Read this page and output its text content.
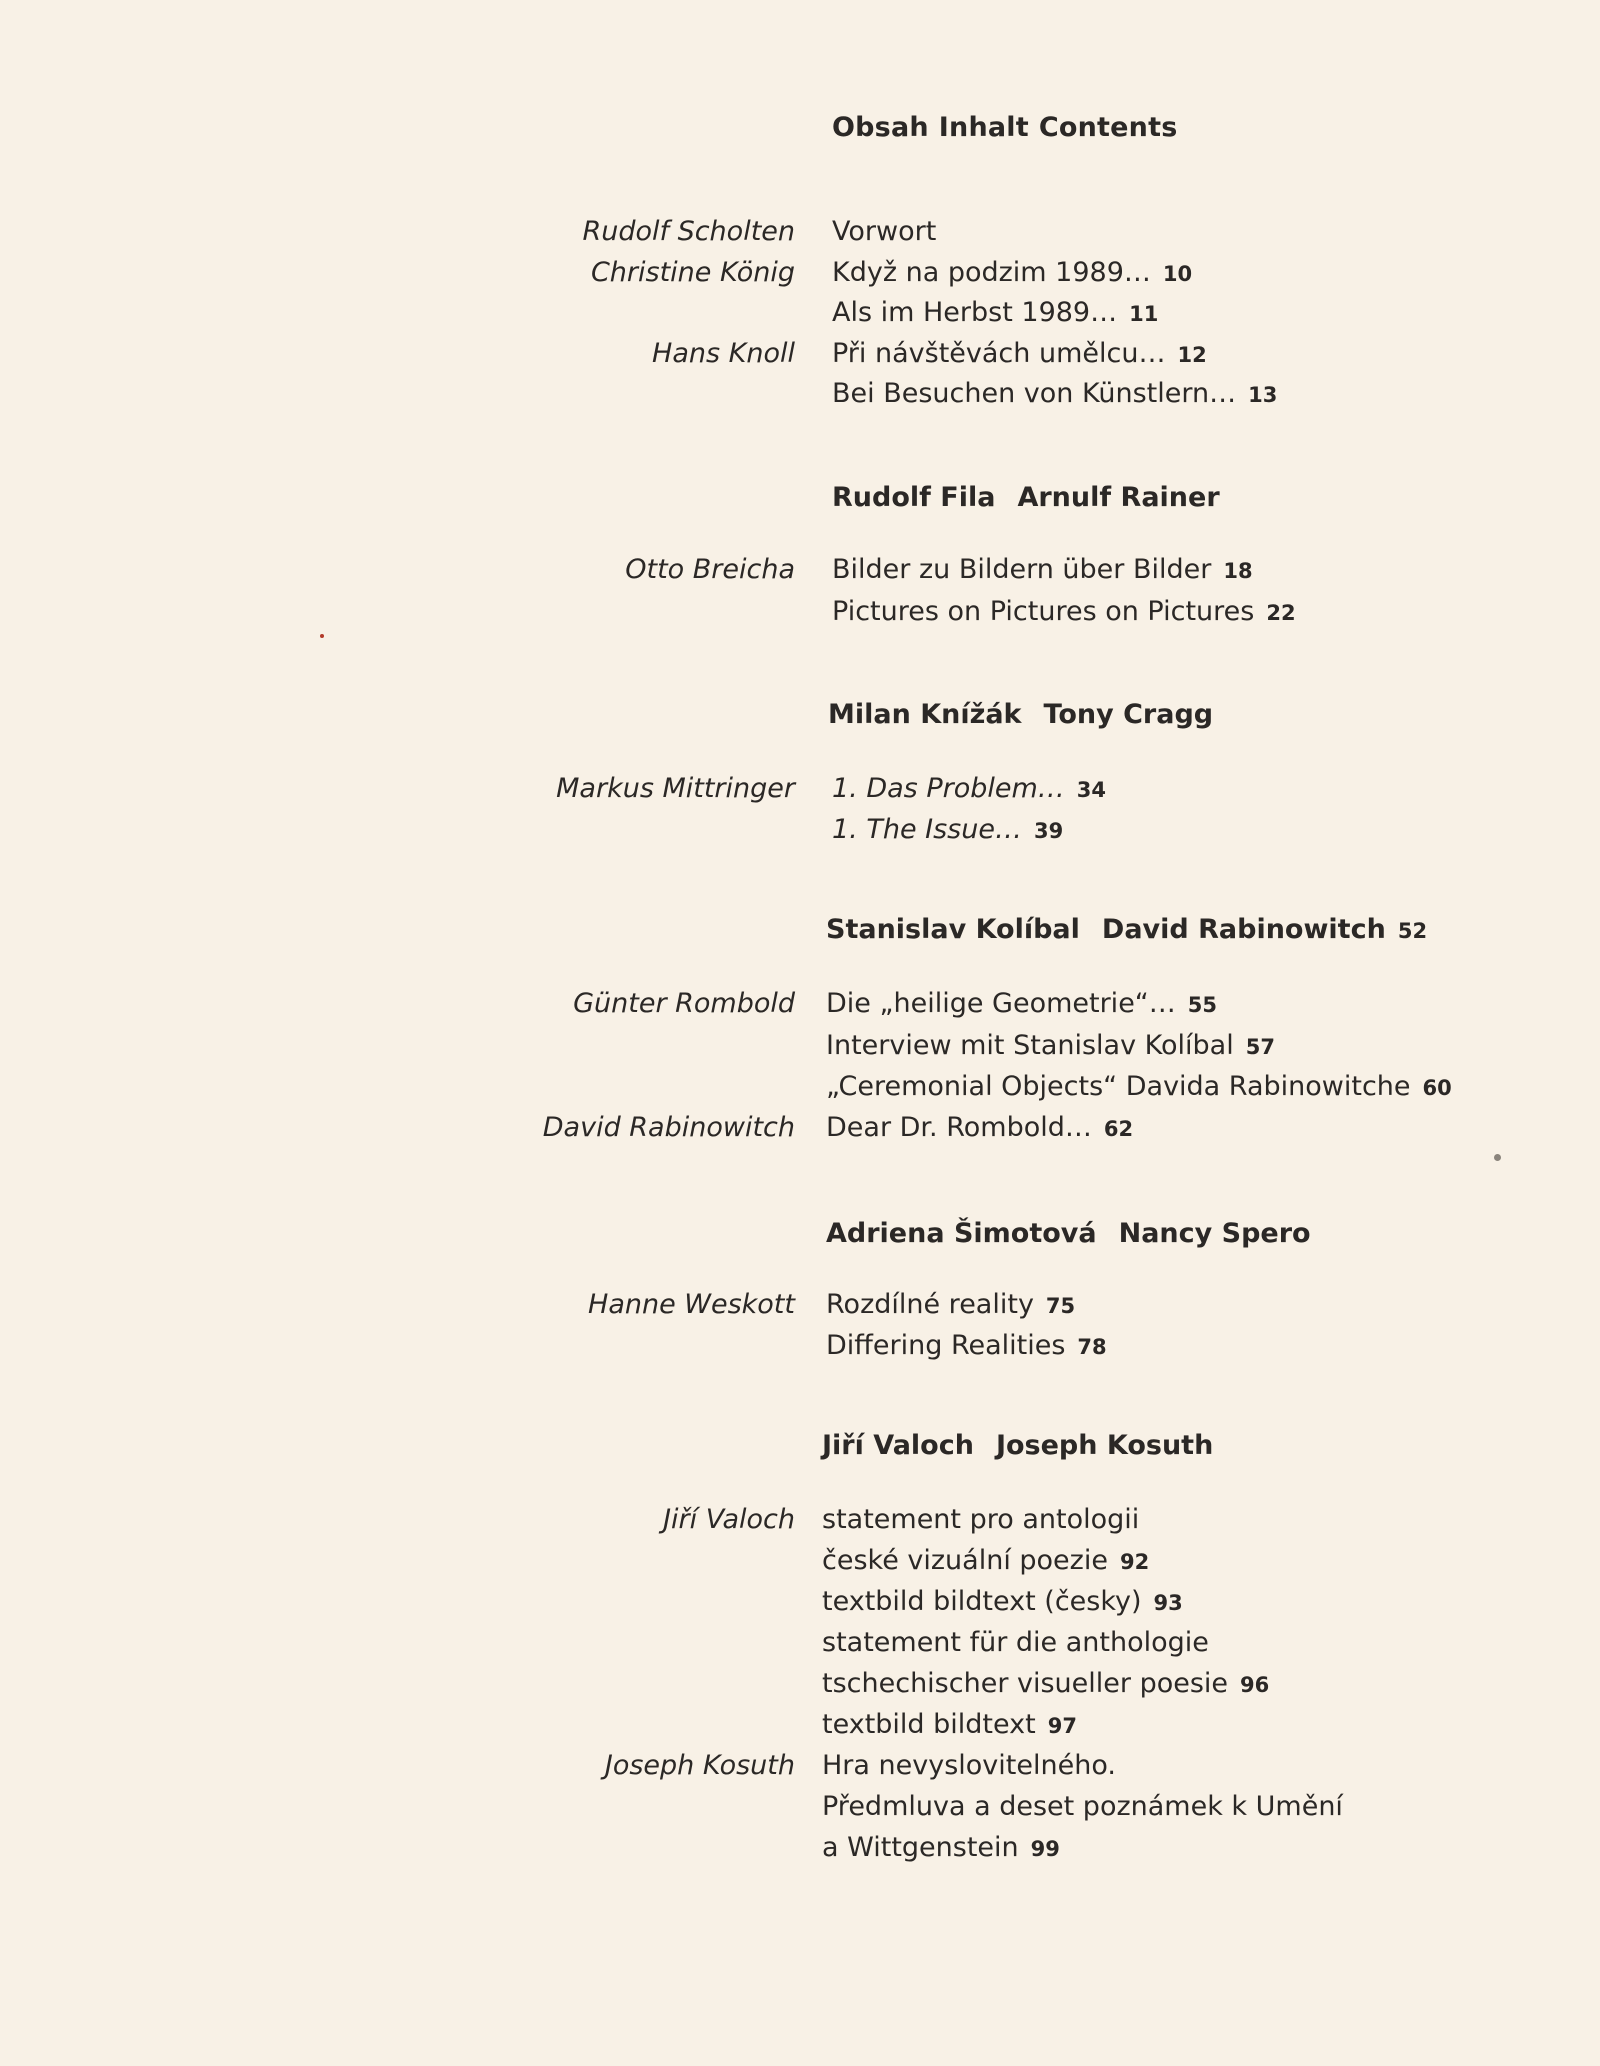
Obsah Inhalt Contents
Rudolf Scholten Vorwort
Christine König Když na podzim 1989… 10
Als im Herbst 1989… 11
Hans Knoll Při návštěvách umělcu… 12
Bei Besuchen von Künstlern… 13
Rudolf Fila Arnulf Rainer
Otto Breicha Bilder zu Bildern über Bilder 18
Pictures on Pictures on Pictures 22
Milan Knížák Tony Cragg
Markus Mittringer 1. Das Problem… 34
1. The Issue… 39
Stanislav Kolíbal David Rabinowitch 52
Günter Rombold Die „heilige Geometrie“… 55
Interview mit Stanislav Kolíbal 57
„Ceremonial Objects“ Davida Rabinowitche 60
David Rabinowitch Dear Dr. Rombold… 62
Adriena Šimotová Nancy Spero
Hanne Weskott Rozdílné reality 75
Differing Realities 78
Jiří Valoch Joseph Kosuth
Jiří Valoch statement pro antologii
české vizuální poezie 92
textbild bildtext (česky) 93
statement für die anthologie
tschechischer visueller poesie 96
textbild bildtext 97
Joseph Kosuth Hra nevyslovitelného.
Předmluva a deset poznámek k Umění
a Wittgenstein 99
